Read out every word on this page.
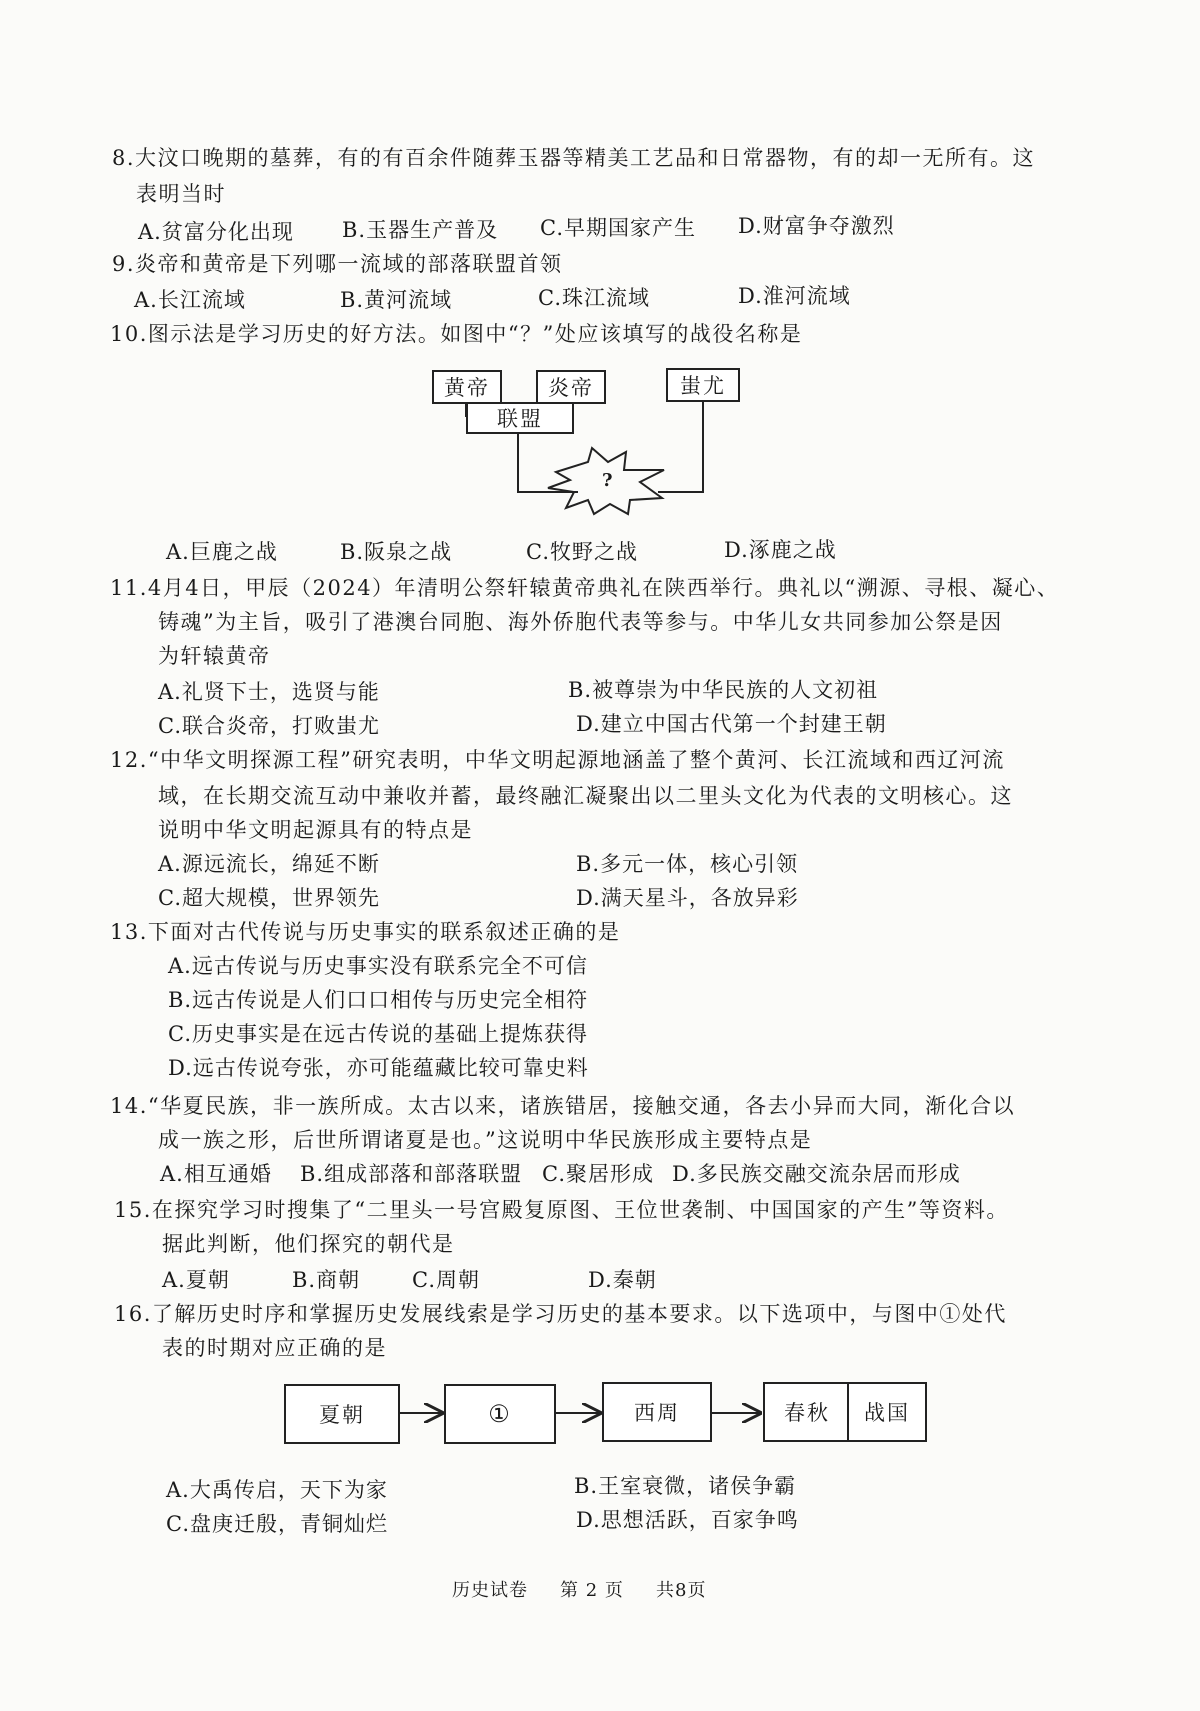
8.大汶口晚期的墓葬，有的有百余件随葬玉器等精美工艺品和日常器物，有的却一无所有。这
表明当时
A.贫富分化出现 B.玉器生产普及 C.早期国家产生 D.财富争夺激烈
9.炎帝和黄帝是下列哪一流域的部落联盟首领
A.长江流域	B.黄河流域	C.珠江流域	D.淮河流域
10.图示法是学习历史的好方法。如图中“？”处应该填写的战役名称是
黄帝	炎帝	蚩尤
联盟
?
A.巨鹿之战	B.阪泉之战	C.牧野之战	D.涿鹿之战
11.4月4日，甲辰（2024）年清明公祭轩辕黄帝典礼在陕西举行。典礼以“溯源、寻根、凝心、
铸魂”为主旨，吸引了港澳台同胞、海外侨胞代表等参与。中华儿女共同参加公祭是因
为轩辕黄帝
A.礼贤下士，选贤与能	B.被尊崇为中华民族的人文初祖
C.联合炎帝，打败蚩尤	D.建立中国古代第一个封建王朝
12.“中华文明探源工程”研究表明，中华文明起源地涵盖了整个黄河、长江流域和西辽河流
域，在长期交流互动中兼收并蓄，最终融汇凝聚出以二里头文化为代表的文明核心。这
说明中华文明起源具有的特点是
A.源远流长，绵延不断	B.多元一体，核心引领
C.超大规模，世界领先	D.满天星斗，各放异彩
13.下面对古代传说与历史事实的联系叙述正确的是
A.远古传说与历史事实没有联系完全不可信
B.远古传说是人们口口相传与历史完全相符
C.历史事实是在远古传说的基础上提炼获得
D.远古传说夸张，亦可能蕴藏比较可靠史料
14.“华夏民族，非一族所成。太古以来，诸族错居，接触交通，各去小异而大同，渐化合以
成一族之形，后世所谓诸夏是也。”这说明中华民族形成主要特点是
A.相互通婚 B.组成部落和部落联盟 C.聚居形成 D.多民族交融交流杂居而形成
15.在探究学习时搜集了“二里头一号宫殿复原图、王位世袭制、中国国家的产生”等资料。
据此判断，他们探究的朝代是
A.夏朝	B.商朝 C.周朝	D.秦朝
16.了解历史时序和掌握历史发展线索是学习历史的基本要求。以下选项中，与图中①处代
表的时期对应正确的是
夏朝	①	西周	春秋	战国
A.大禹传启，天下为家	B.王室衰微，诸侯争霸
C.盘庚迁殷，青铜灿烂	D.思想活跃，百家争鸣
历史试卷 第 2 页 共8页
